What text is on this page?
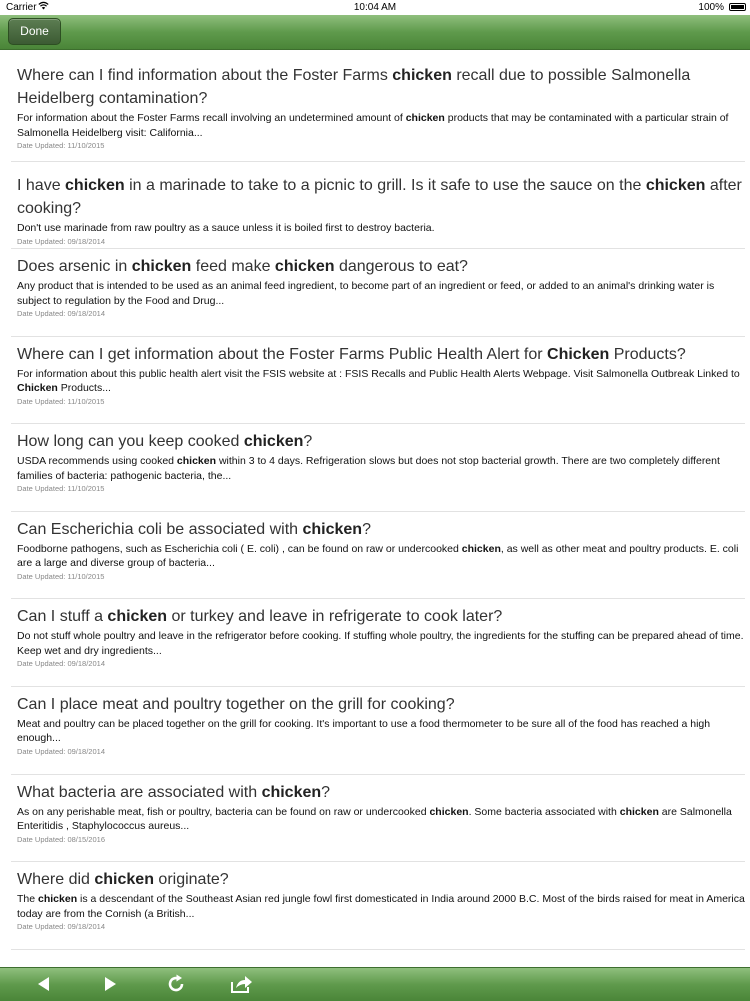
Carrier	10:04 AM	100%
Done
Where can I find information about the Foster Farms chicken recall due to possible Salmonella Heidelberg contamination?
For information about the Foster Farms recall involving an undetermined amount of chicken products that may be contaminated with a particular strain of Salmonella Heidelberg visit: California...
Date Updated: 11/10/2015
I have chicken in a marinade to take to a picnic to grill. Is it safe to use the sauce on the chicken after cooking?
Don't use marinade from raw poultry as a sauce unless it is boiled first to destroy bacteria.
Date Updated: 09/18/2014
Does arsenic in chicken feed make chicken dangerous to eat?
Any product that is intended to be used as an animal feed ingredient, to become part of an ingredient or feed, or added to an animal's drinking water is subject to regulation by the Food and Drug...
Date Updated: 09/18/2014
Where can I get information about the Foster Farms Public Health Alert for Chicken Products?
For information about this public health alert visit the FSIS website at : FSIS Recalls and Public Health Alerts Webpage. Visit Salmonella Outbreak Linked to Chicken Products...
Date Updated: 11/10/2015
How long can you keep cooked chicken?
USDA recommends using cooked chicken within 3 to 4 days. Refrigeration slows but does not stop bacterial growth. There are two completely different families of bacteria: pathogenic bacteria, the...
Date Updated: 11/10/2015
Can Escherichia coli be associated with chicken?
Foodborne pathogens, such as Escherichia coli ( E. coli) , can be found on raw or undercooked chicken, as well as other meat and poultry products. E. coli are a large and diverse group of bacteria...
Date Updated: 11/10/2015
Can I stuff a chicken or turkey and leave in refrigerate to cook later?
Do not stuff whole poultry and leave in the refrigerator before cooking. If stuffing whole poultry, the ingredients for the stuffing can be prepared ahead of time. Keep wet and dry ingredients...
Date Updated: 09/18/2014
Can I place meat and poultry together on the grill for cooking?
Meat and poultry can be placed together on the grill for cooking. It's important to use a food thermometer to be sure all of the food has reached a high enough...
Date Updated: 09/18/2014
What bacteria are associated with chicken?
As on any perishable meat, fish or poultry, bacteria can be found on raw or undercooked chicken. Some bacteria associated with chicken are Salmonella Enteritidis , Staphylococcus aureus...
Date Updated: 08/15/2016
Where did chicken originate?
The chicken is a descendant of the Southeast Asian red jungle fowl first domesticated in India around 2000 B.C. Most of the birds raised for meat in America today are from the Cornish (a British...
Date Updated: 09/18/2014
